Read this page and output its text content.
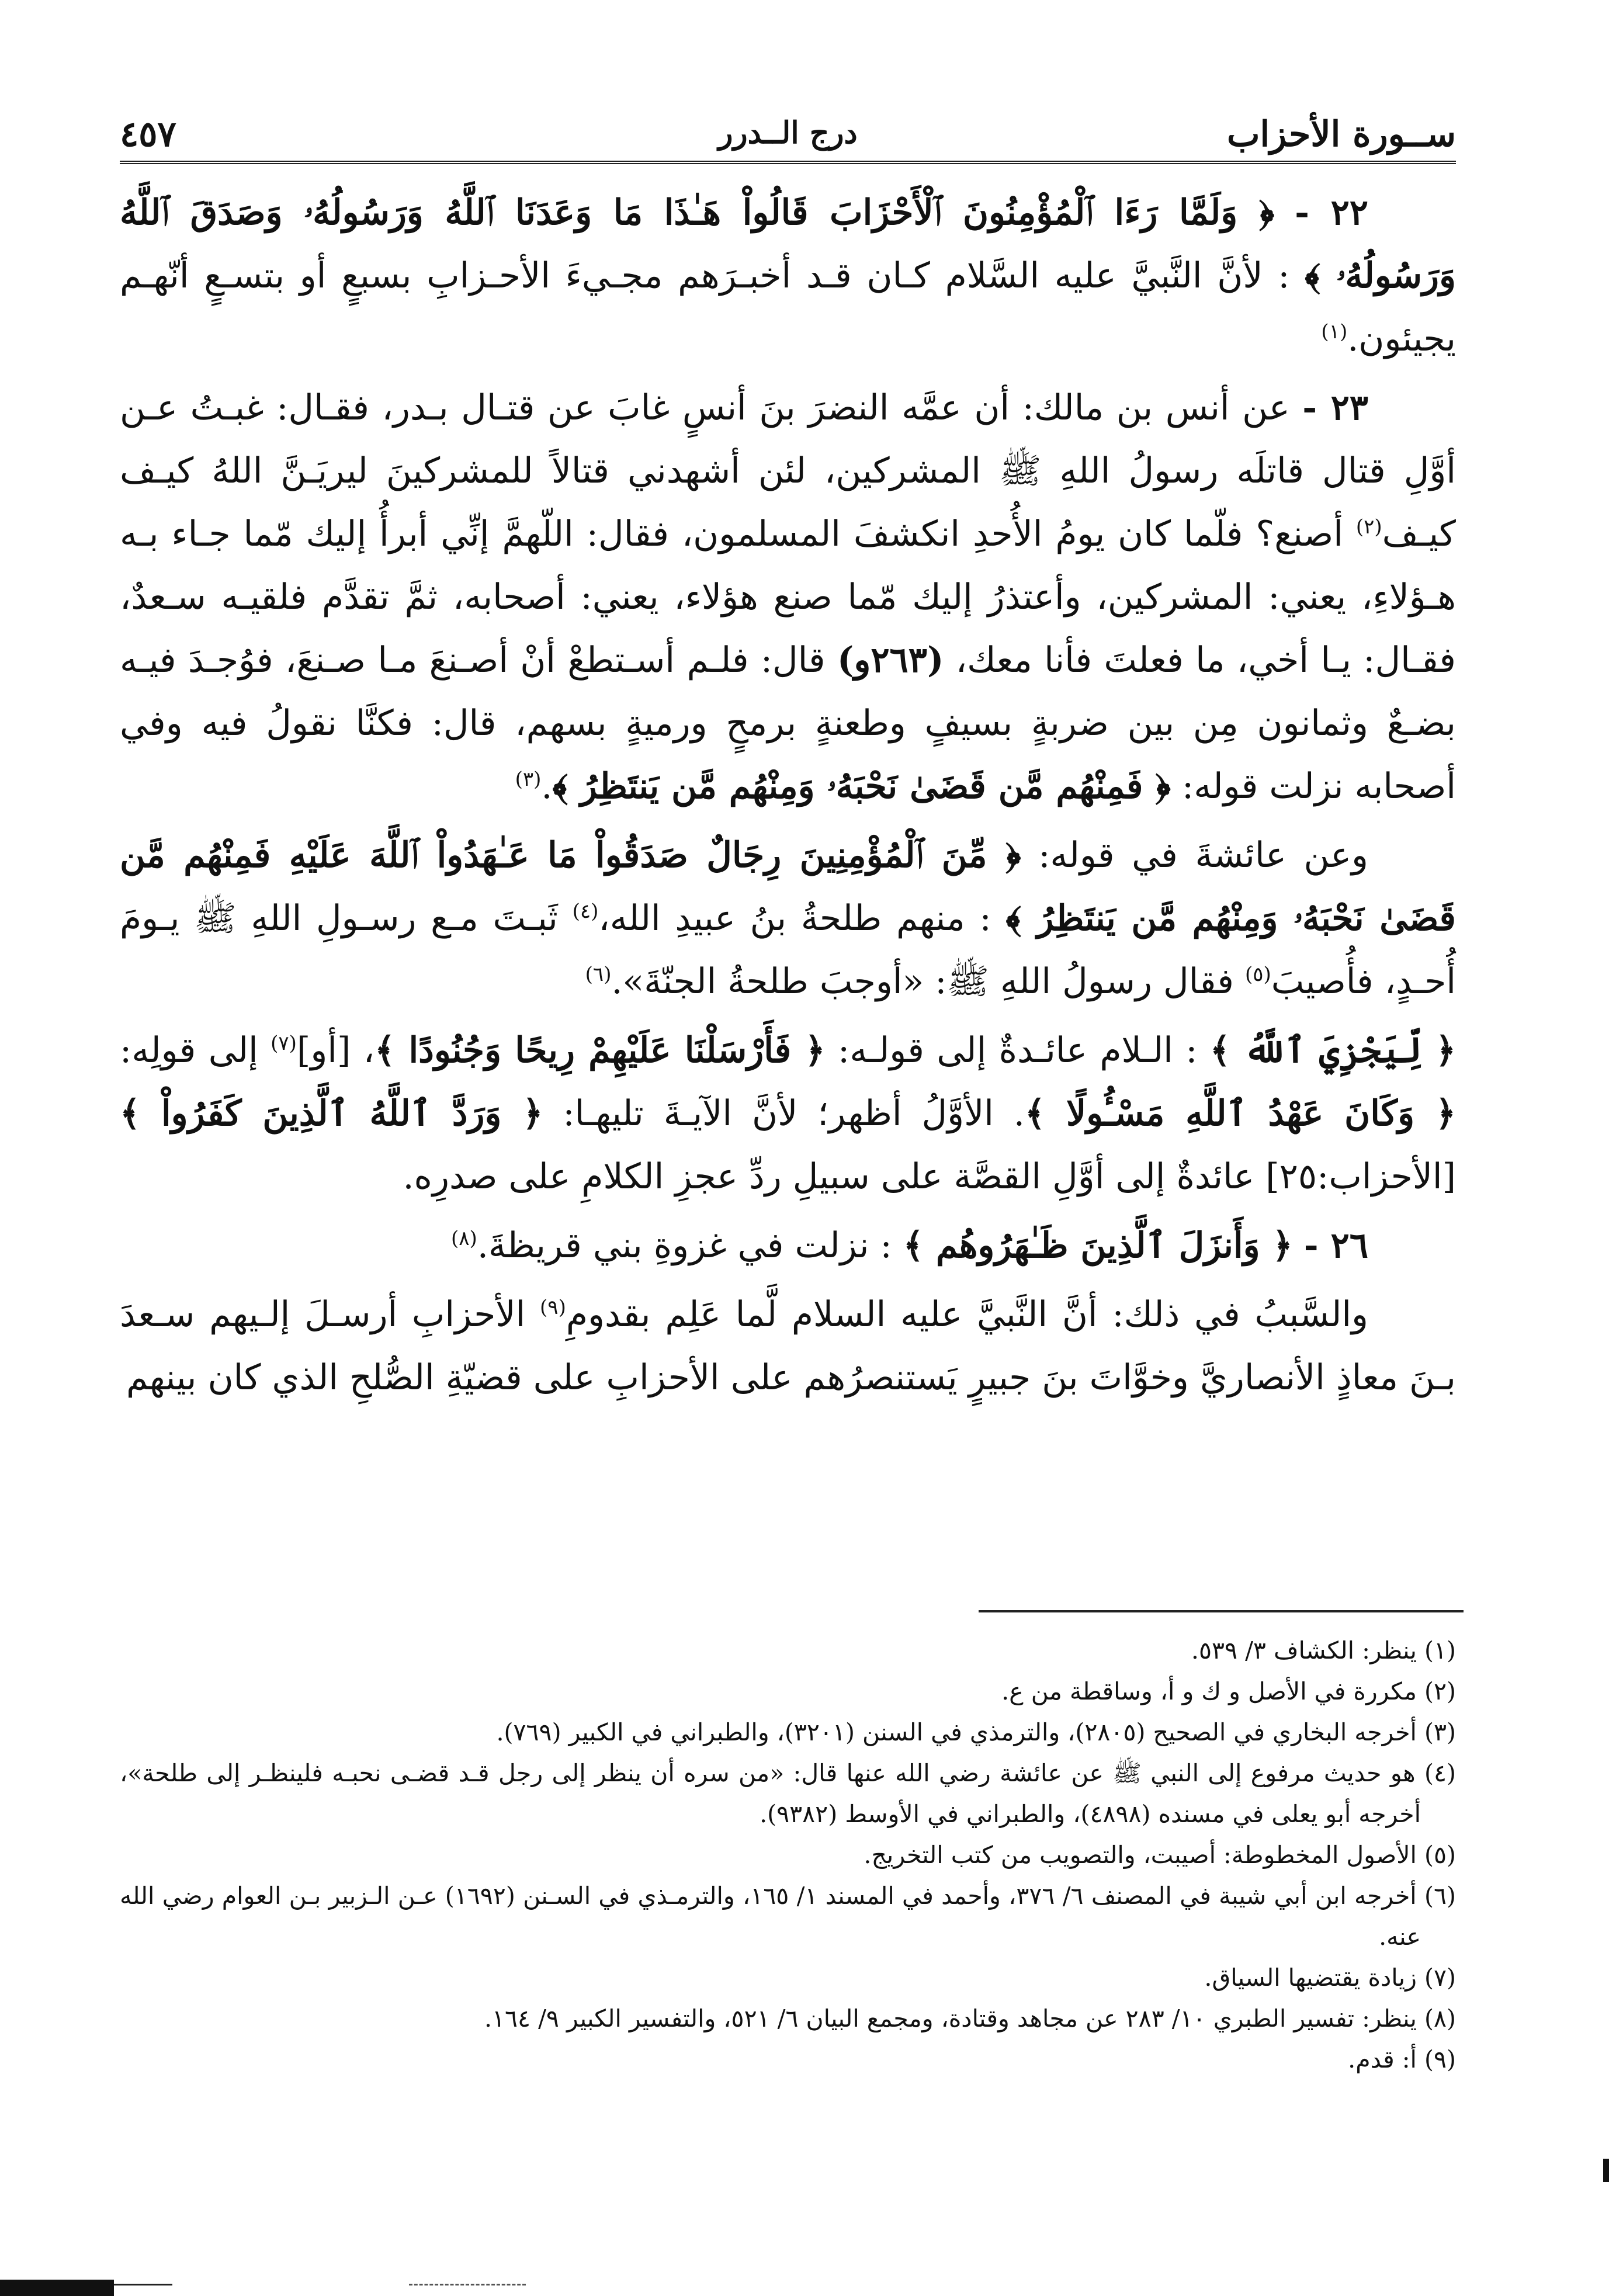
ســورة الأحزاب
درج الــدرر
٤٥٧

٢٢ - ﴿ وَلَمَّا رَءَا ٱلْمُؤْمِنُونَ ٱلْأَحْزَابَ قَالُواْ هَـٰذَا مَا وَعَدَنَا ٱللَّهُ وَرَسُولُهُۥ وَصَدَقَ ٱللَّهُ وَرَسُولُهُۥ ﴾ : لأنَّ النَّبيَّ عليه السَّلام كـان قـد أخبـرَهم مجـيءَ الأحـزابِ بسبعٍ أو بتسـعٍ أنّهـم يجيئون.$^{(١)}$

٢٣ - عن أنس بن مالك: أن عمَّه النضرَ بنَ أنسٍ غابَ عن قتـال بـدر، فقـال: غبـتُ عـن أوَّلِ قتال قاتلَه رسولُ اللهِ ﷺ المشركين، لئن أشهدني قتالاً للمشركينَ ليريَـنَّ اللهُ كيـف كيـف$^{(٢)}$ أصنع؟ فلّما كان يومُ الأُحدِ انكشفَ المسلمون، فقال: اللّهمَّ إنِّي أبرأُ إليك مّما جـاء بـه هـؤلاءِ، يعني: المشركين، وأعتذرُ إليك مّما صنع هؤلاء، يعني: أصحابه، ثمَّ تقدَّم فلقيـه سـعدٌ، فقـال: يـا أخي، ما فعلتَ فأنا معك، (٢٦٣و) قال: فلـم أسـتطعْ أنْ أصـنعَ مـا صـنعَ، فوُجـدَ فيـه بضـعٌ وثمانون مِن بين ضربةٍ بسيفٍ وطعنةٍ برمحٍ ورميةٍ بسهم، قال: فكنَّا نقولُ فيه وفي أصحابه نزلت قوله: ﴿ فَمِنْهُم مَّن قَضَىٰ نَحْبَهُۥ وَمِنْهُم مَّن يَنتَظِرُ ﴾.$^{(٣)}$

وعن عائشةَ في قوله: ﴿ مِّنَ ٱلْمُؤْمِنِينَ رِجَالٌ صَدَقُواْ مَا عَـٰهَدُواْ ٱللَّهَ عَلَيْهِ فَمِنْهُم مَّن قَضَىٰ نَحْبَهُۥ وَمِنْهُم مَّن يَنتَظِرُ ﴾ : منهم طلحةُ بنُ عبيدِ الله،$^{(٤)}$ ثَبـتَ مـع رسـولِ اللهِ ﷺ يـومَ أُحـدٍ، فأُصيبَ$^{(٥)}$ فقال رسولُ اللهِ ﷺ: «أوجبَ طلحةُ الجنّةَ».$^{(٦)}$

﴿ لِّيَجْزِيَ ٱللَّهُ ﴾ : الـلام عائـدةٌ إلى قولـه: ﴿ فَأَرْسَلْنَا عَلَيْهِمْ رِيحًا وَجُنُودًا ﴾، [أو]$^{(٧)}$ إلى قولِه: ﴿ وَكَانَ عَهْدُ ٱللَّهِ مَسْـُٔولًا ﴾. الأوَّلُ أظهر؛ لأنَّ الآيـةَ تليهـا: ﴿ وَرَدَّ ٱللَّهُ ٱلَّذِينَ كَفَرُواْ ﴾ [الأحزاب:٢٥] عائدةٌ إلى أوَّلِ القصَّة على سبيلِ ردِّ عجزِ الكلامِ على صدرِه.

٢٦ - ﴿ وَأَنزَلَ ٱلَّذِينَ ظَـٰهَرُوهُم ﴾ : نزلت في غزوةِ بني قريظةَ.$^{(٨)}$

والسَّببُ في ذلك: أنَّ النَّبيَّ عليه السلام لَّما عَلِم بقدومِ$^{(٩)}$ الأحزابِ أرسـلَ إلـيهم سـعدَ بـنَ معاذٍ الأنصاريَّ وخوَّاتَ بنَ جبيرٍ يَستنصرُهم على الأحزابِ على قضيّةِ الصُّلحِ الذي كان بينهم

(١) ينظر: الكشاف ٣/ ٥٣٩.

(٢) مكررة في الأصل و ك و أ، وساقطة من ع.

(٣) أخرجه البخاري في الصحيح (٢٨٠٥)، والترمذي في السنن (٣٢٠١)، والطبراني في الكبير (٧٦٩).

(٤) هو حديث مرفوع إلى النبي ﷺ عن عائشة رضي الله عنها قال: «من سره أن ينظر إلى رجل قـد قضـى نحبـه فلينظـر إلى طلحة»، أخرجه أبو يعلى في مسنده (٤٨٩٨)، والطبراني في الأوسط (٩٣٨٢).

(٥) الأصول المخطوطة: أصيبت، والتصويب من كتب التخريج.

(٦) أخرجه ابن أبي شيبة في المصنف ٦/ ٣٧٦، وأحمد في المسند ١/ ١٦٥، والترمـذي في السـنن (١٦٩٢) عـن الـزبير بـن العوام رضي الله عنه.

(٧) زيادة يقتضيها السياق.

(٨) ينظر: تفسير الطبري ١٠/ ٢٨٣ عن مجاهد وقتادة، ومجمع البيان ٦/ ٥٢١، والتفسير الكبير ٩/ ١٦٤.

(٩) أ: قدم.
